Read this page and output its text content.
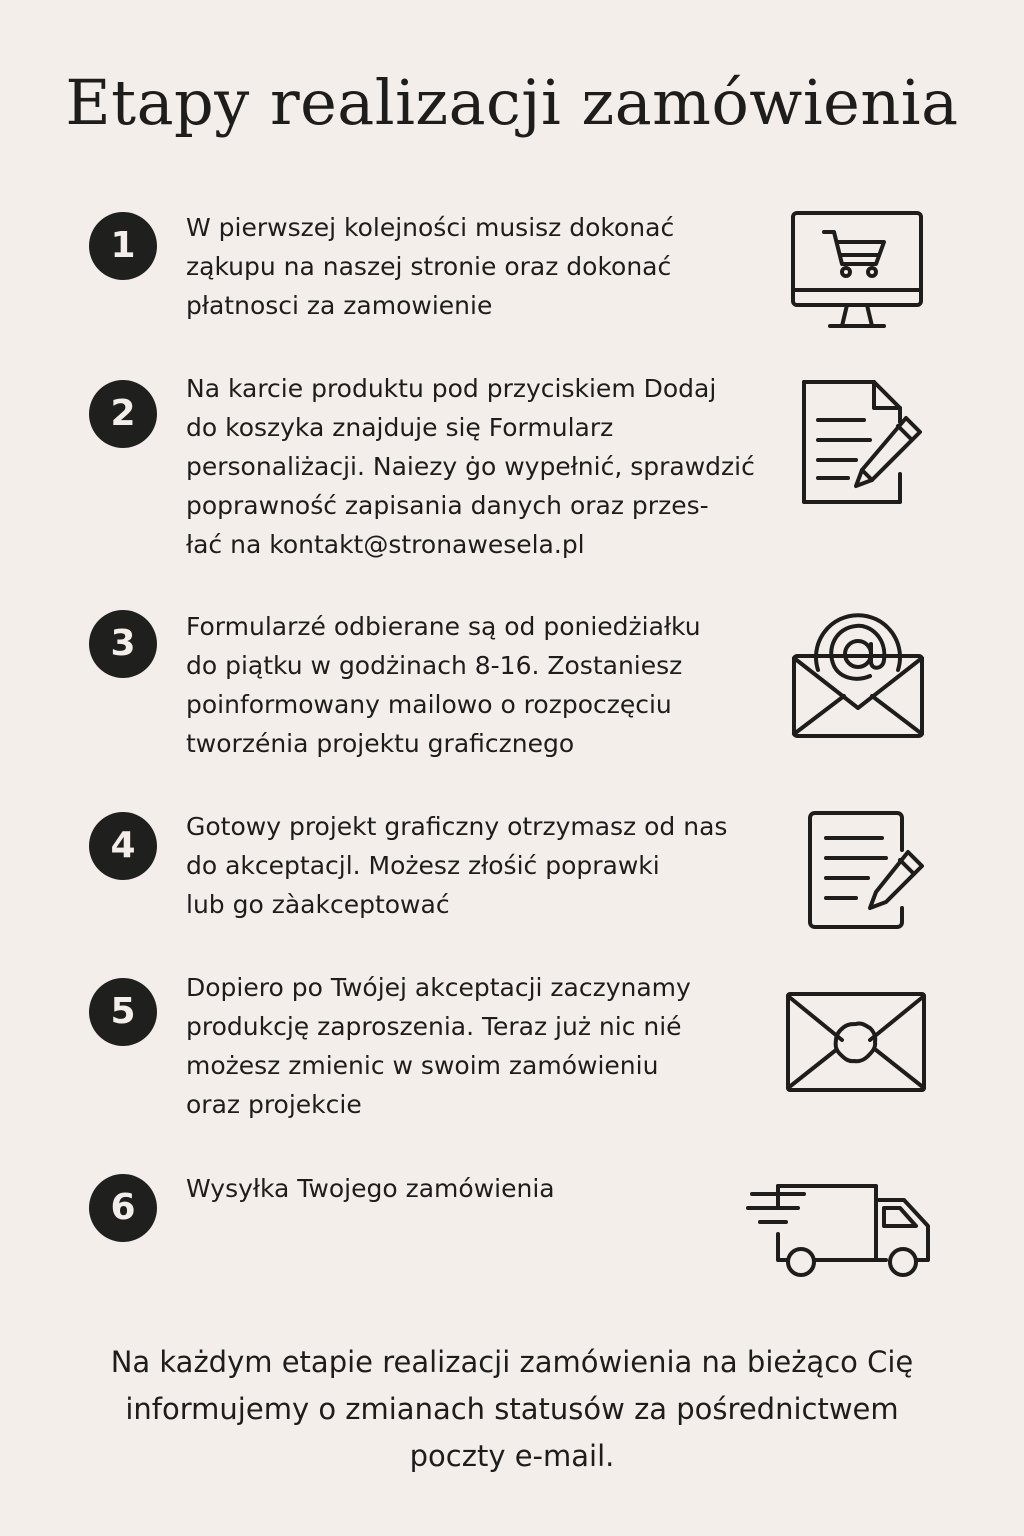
Etapy realizacji zamówienia
1	W pierwszej kolejności musisz dokonać
ząkupu na naszej stronie oraz dokonać
płatnosci za zamowienie

2

Na karcie produktu pod przyciskiem Dodaj
do koszyka znajduje się Formularz
personaliżacji. Naiezy ġo wypełnić, sprawdzić
poprawność zapisania danych oraz przes-
łać na kontakt@stronawesela.pl

3	Formularzé odbierane są od poniedżiałku
do piątku w godżinach 8-16. Zostaniesz
poinformowany mailowo o rozpoczęciu
tworzénia projektu graficznego

4	Gotowy projekt graficzny otrzymasz od nas
do akceptacjl. Możesz złośić poprawki
lub go zàakceptować

5

Dopiero po Twójej akceptacji zaczynamy
produkcję zaproszenia. Teraz już nic nié
możesz zmienic w swoim zamówieniu
oraz projekcie

6	Wysyłka Twojego zamówienia

Na każdym etapie realizacji zamówienia na bieżąco Cię informujemy o zmianach statusów za pośrednictwem poczty e-mail.
